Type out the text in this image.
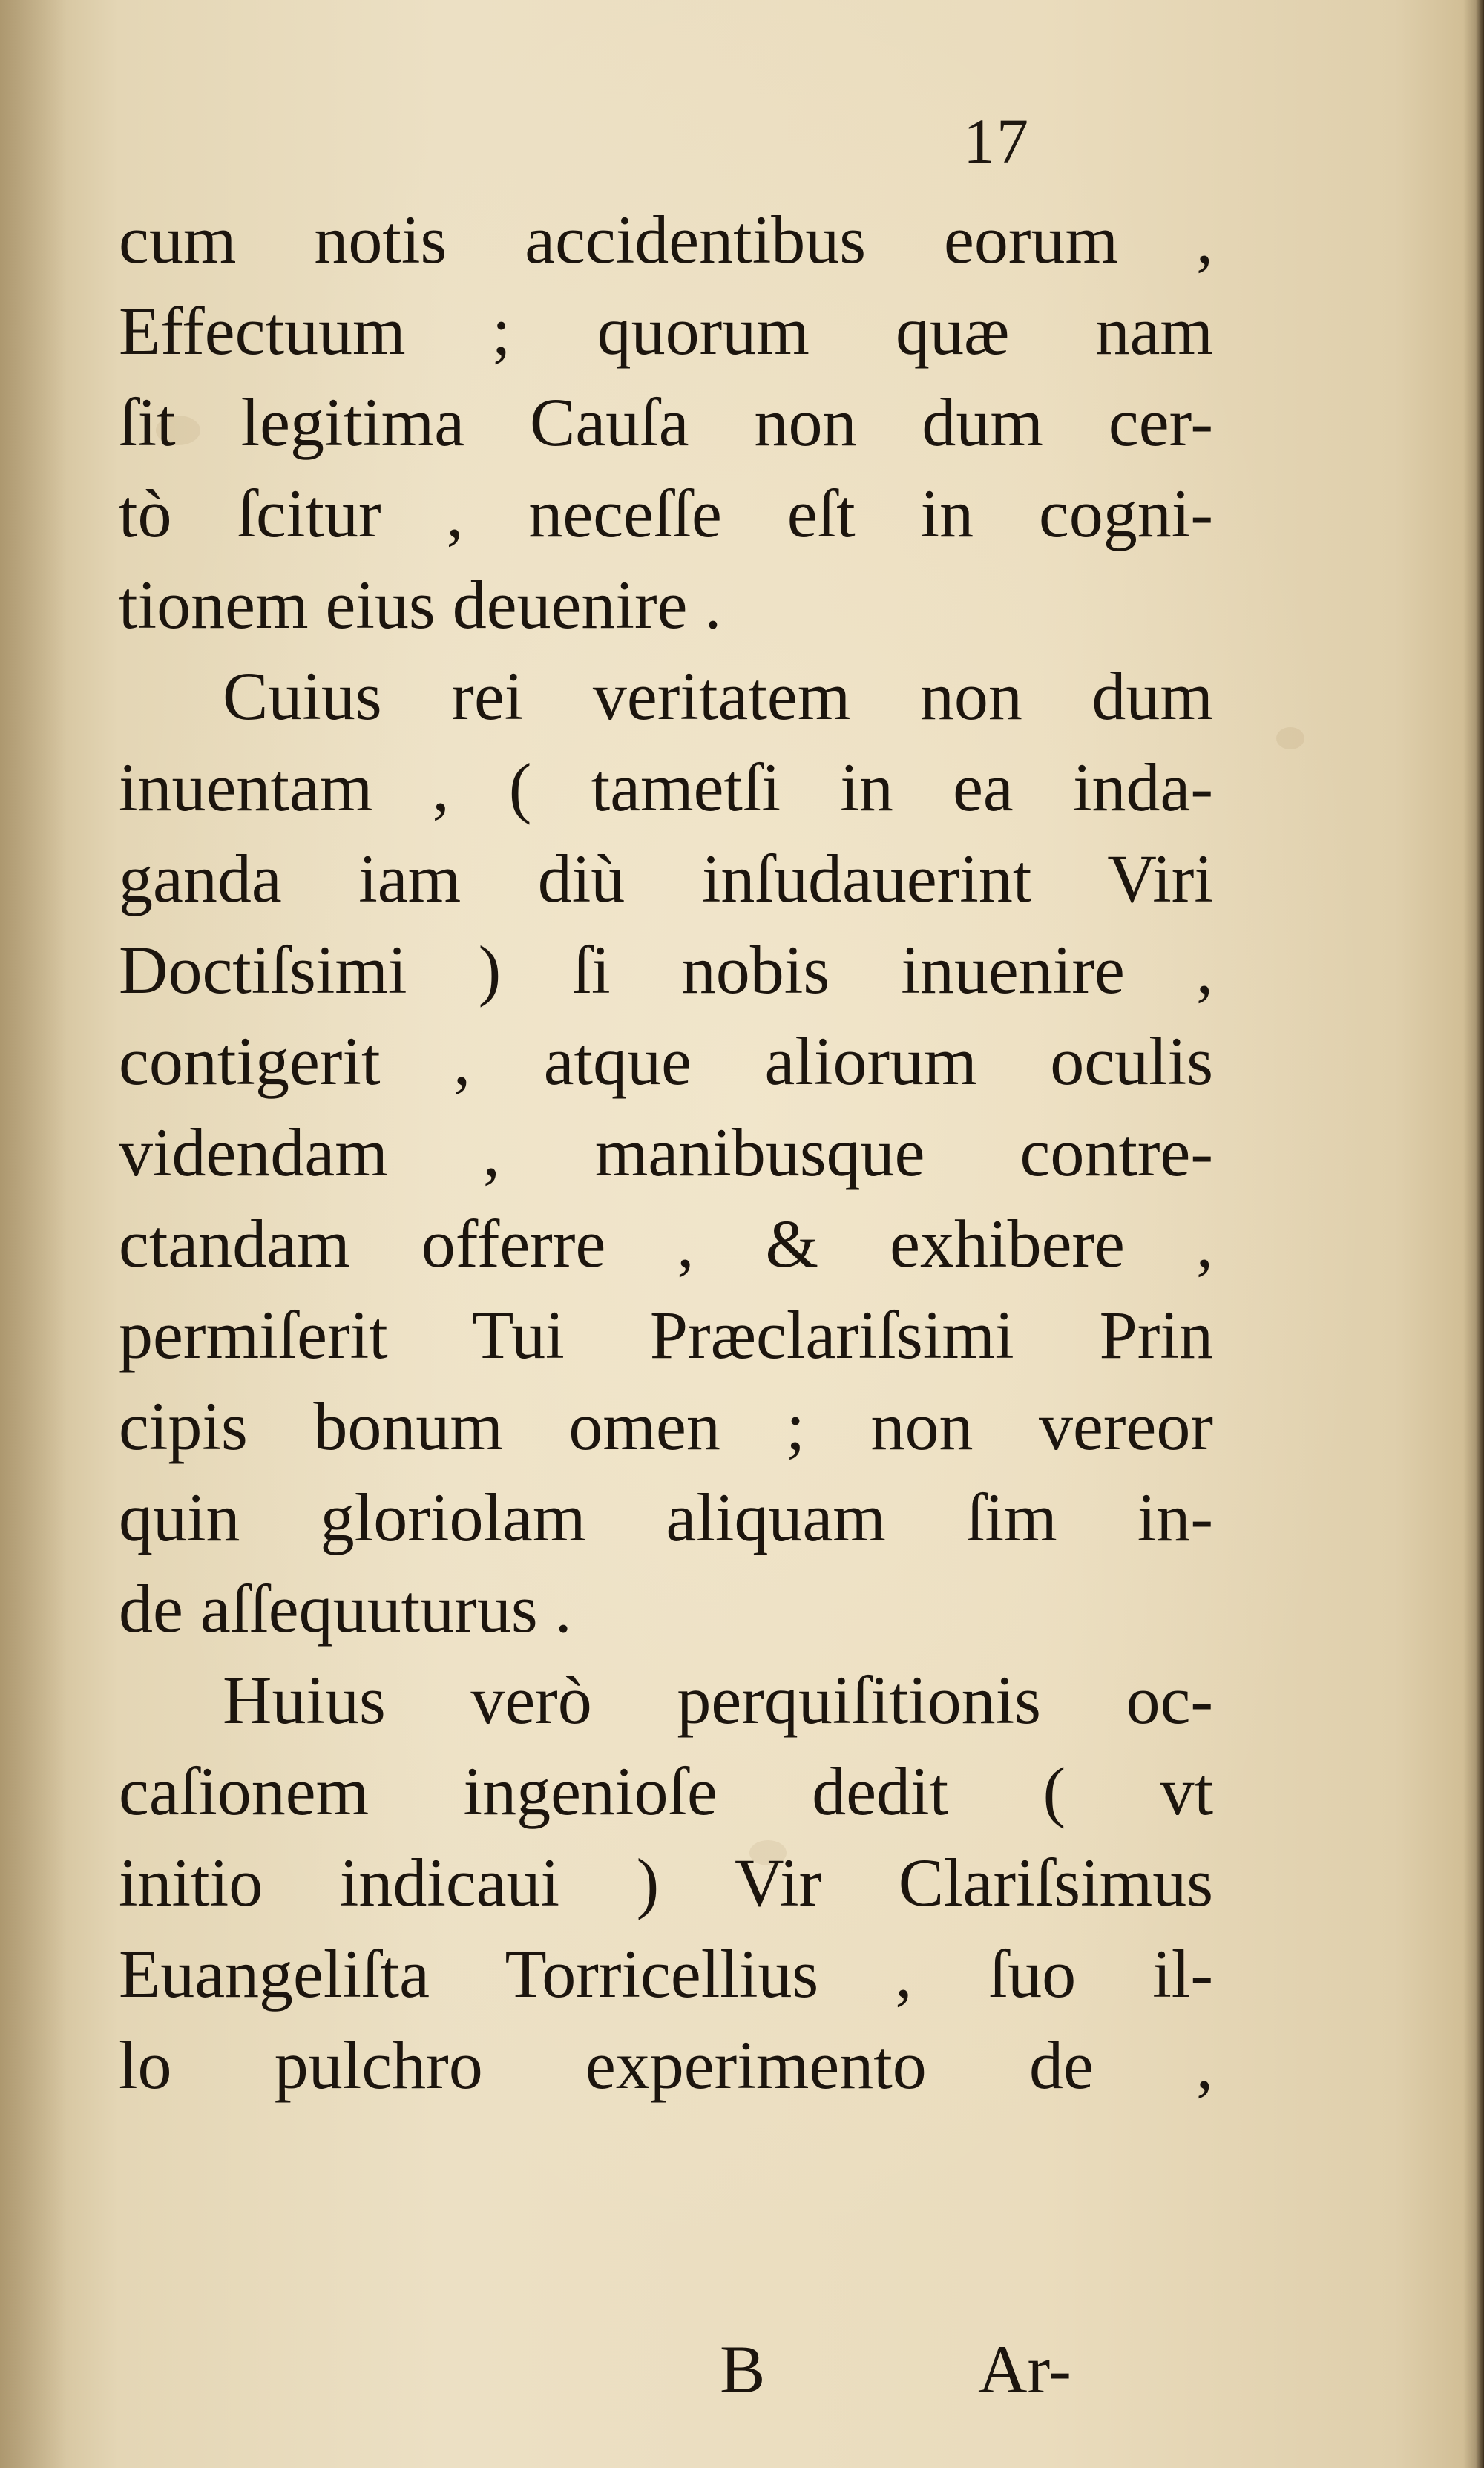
17
cum notis accidentibus eorum ,
Effectuum ; quorum quæ nam
ſit legitima Cauſa non dum cer-
tò ſcitur , neceſſe eſt in cogni-
tionem eius deuenire .
Cuius rei veritatem non dum
inuentam , ( tametſi in ea inda-
ganda iam diù inſudauerint Viri
Doctiſsimi ) ſi nobis inuenire ,
contigerit , atque aliorum oculis
videndam , manibusque contre-
ctandam offerre , & exhibere ,
permiſerit Tui Præclariſsimi Prin
cipis bonum omen ; non vereor
quin gloriolam aliquam ſim in-
de aſſequuturus .
Huius verò perquiſitionis oc-
caſionem ingenioſe dedit ( vt
initio indicaui ) Vir Clariſsimus
Euangeliſta Torricellius , ſuo il-
lo pulchro experimento de ,
B	Ar-
